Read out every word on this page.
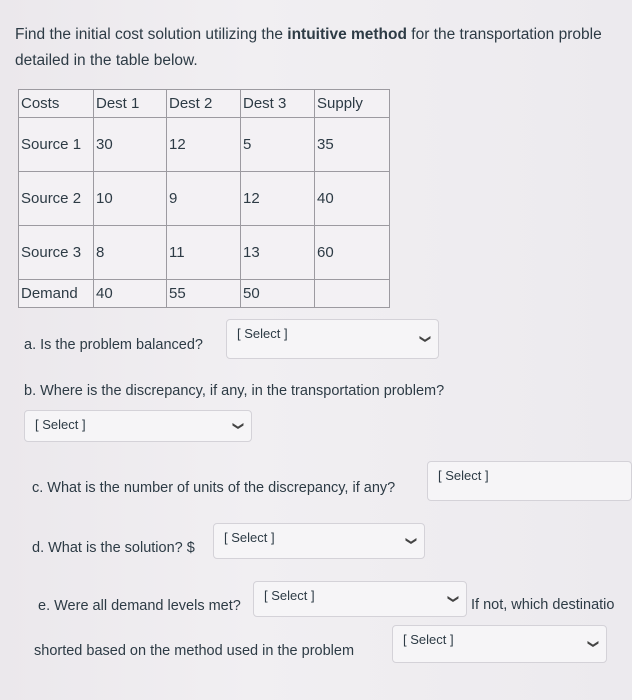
Find the initial cost solution utilizing the intuitive method for the transportation proble
detailed in the table below.
Costs	Dest 1	Dest 2	Dest 3	Supply
Source 1	30	12	5	35
Source 2	10	9	12	40
Source 3	8	11	13	60
Demand	40	55	50	
a. Is the problem balanced?
[ Select ]	❯
b. Where is the discrepancy, if any, in the transportation problem?
[ Select ]	❯
c. What is the number of units of the discrepancy, if any?
[ Select ]
d. What is the solution? $
[ Select ]	❯
e. Were all demand levels met?
[ Select ]	❯ If not, which destinatio
shorted based on the method used in the problem
[ Select ]	❯
